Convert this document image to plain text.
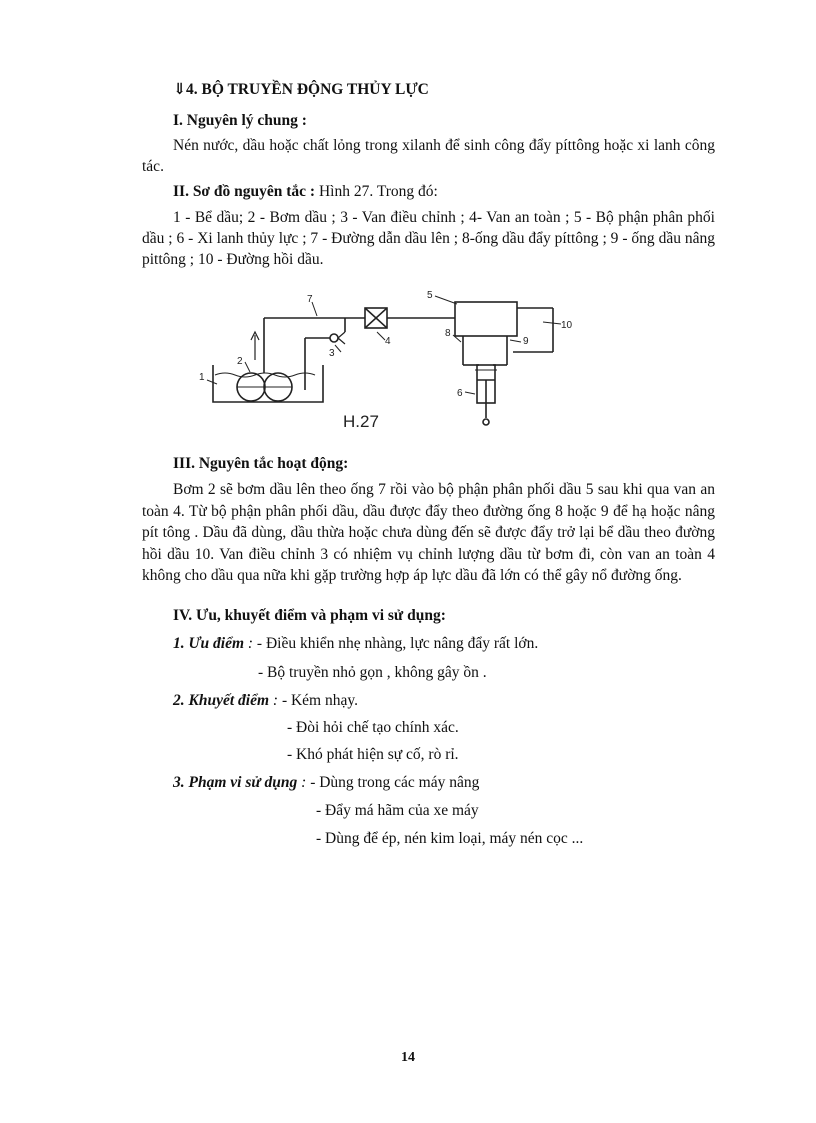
⇓4. BỘ TRUYỀN ĐỘNG THỦY LỰC
I. Nguyên lý chung :
Nén nước, dầu hoặc chất lỏng trong xilanh để sinh công đẩy píttông hoặc xi lanh công tác.
II. Sơ đồ nguyên tắc : Hình 27. Trong đó:
1 - Bể dầu; 2 - Bơm dầu ; 3 - Van điều chỉnh ; 4- Van an toàn ; 5 - Bộ phận phân phối dầu ; 6 - Xi lanh thủy lực ; 7 - Đường dẫn dầu lên ; 8-ống dầu đẩy píttông ; 9 - ống dầu nâng pittông ; 10 - Đường hồi dầu.
1
2
3
4
5
6
7
8
9
10
H.27
III. Nguyên tắc hoạt động:
Bơm 2 sẽ bơm dầu lên theo ống 7 rồi vào bộ phận phân phối dầu 5 sau khi qua van an toàn 4. Từ bộ phận phân phối dầu, dầu được đẩy theo đường ống 8 hoặc 9 để hạ hoặc nâng pít tông . Dầu đã dùng, dầu thừa hoặc chưa dùng đến sẽ được đẩy trở lại bể dầu theo đường hồi dầu 10. Van điều chỉnh 3 có nhiệm vụ chỉnh lượng dầu từ bơm đi, còn van an toàn 4 không cho dầu qua nữa khi gặp trường hợp áp lực dầu đã lớn có thể gây nổ đường ống.
IV. Ưu, khuyết điểm và phạm vi sử dụng:
1. Ưu điểm : - Điều khiển nhẹ nhàng, lực nâng đẩy rất lớn.
- Bộ truyền nhỏ gọn , không gây ồn .
2. Khuyết điểm : - Kém nhạy.
- Đòi hỏi chế tạo chính xác.
- Khó phát hiện sự cố, rò rỉ.
3. Phạm vi sử dụng : - Dùng trong các máy nâng
- Đẩy má hãm của xe máy
- Dùng để ép, nén kim loại, máy nén cọc ...
14
